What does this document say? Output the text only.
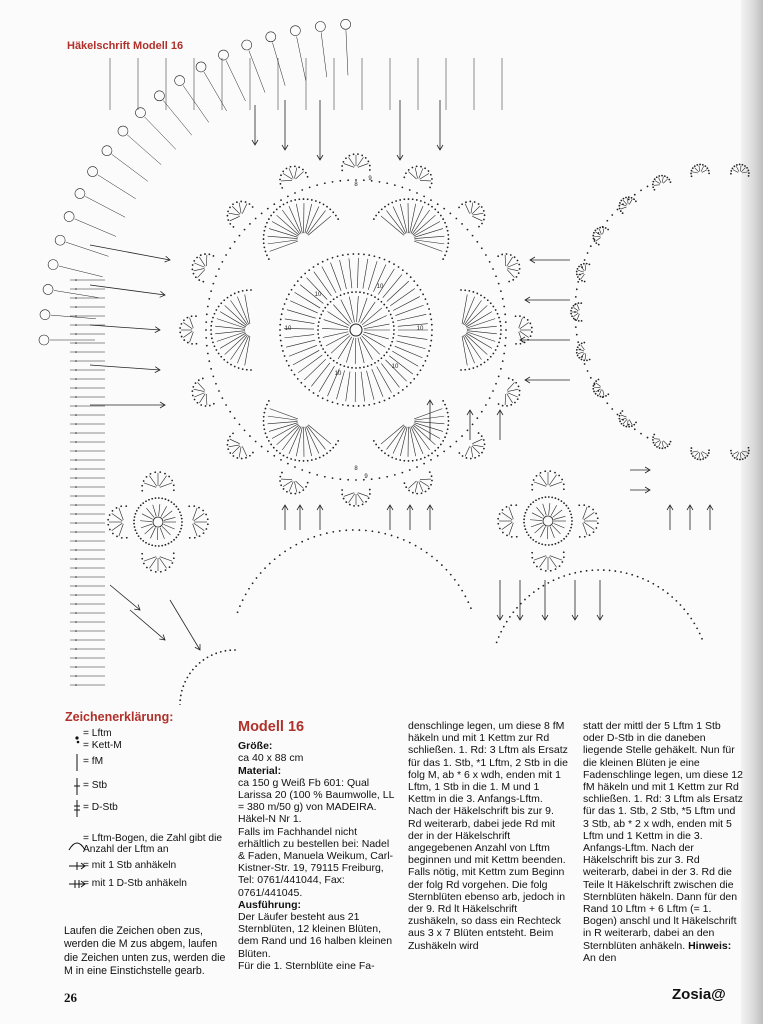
Häkelschrift Modell 16
10
10
10
10
10
10
8
8
9
9
Zeichenerklärung:
= Lftm
= Kett-M
= fM
= Stb
= D-Stb
= Lftm-Bogen, die Zahl gibt die Anzahl der Lftm an
= mit 1 Stb anhäkeln
= mit 1 D-Stb anhäkeln
Laufen die Zeichen oben zus, werden die M zus abgem, laufen die Zeichen unten zus, werden die M in eine Einstichstelle gearb.
26
Modell 16

Größe:
ca 40 x 88 cm

Material:

ca 150 g Weiß Fb 601: Qual Larissa 20 (100 % Baumwolle, LL = 380 m/50 g) von MADEIRA. Häkel-N Nr 1.

Falls im Fachhandel nicht erhältlich zu bestellen bei: Nadel & Faden, Manuela Weikum, Carl-Kistner-Str. 19, 79115 Freiburg, Tel: 0761/441044, Fax: 0761/441045.

Ausführung:

Der Läufer besteht aus 21 Sternblüten, 12 kleinen Blüten, dem Rand und 16 halben kleinen Blüten.

Für die 1. Sternblüte eine Fa-

denschlinge legen, um diese 8 fM häkeln und mit 1 Kettm zur Rd schließen. 1. Rd: 3 Lftm als Ersatz für das 1. Stb, *1 Lftm, 2 Stb in die folg M, ab * 6 x wdh, enden mit 1 Lftm, 1 Stb in die 1. M und 1 Kettm in die 3. Anfangs-Lftm. Nach der Häkelschrift bis zur 9. Rd weiterarb, dabei jede Rd mit der in der Häkelschrift angegebenen Anzahl von Lftm beginnen und mit Kettm beenden. Falls nötig, mit Kettm zum Beginn der folg Rd vorgehen. Die folg Sternblüten ebenso arb, jedoch in der 9. Rd lt Häkelschrift zushäkeln, so dass ein Rechteck aus 3 x 7 Blüten entsteht. Beim Zushäkeln wird

statt der mittl der 5 Lftm 1 Stb oder D-Stb in die daneben liegende Stelle gehäkelt. Nun für die kleinen Blüten je eine Fadenschlinge legen, um diese 12 fM häkeln und mit 1 Kettm zur Rd schließen. 1. Rd: 3 Lftm als Ersatz für das 1. Stb, 2 Stb, *5 Lftm und 3 Stb, ab * 2 x wdh, enden mit 5 Lftm und 1 Kettm in die 3. Anfangs-Lftm. Nach der Häkelschrift bis zur 3. Rd weiterarb, dabei in der 3. Rd die Teile lt Häkelschrift zwischen die Sternblüten häkeln. Dann für den Rand 10 Lftm + 6 Lftm (= 1. Bogen) anschl und lt Häkelschrift in R weiterarb, dabei an den Sternblüten anhäkeln. Hinweis: An den

Zosia@
